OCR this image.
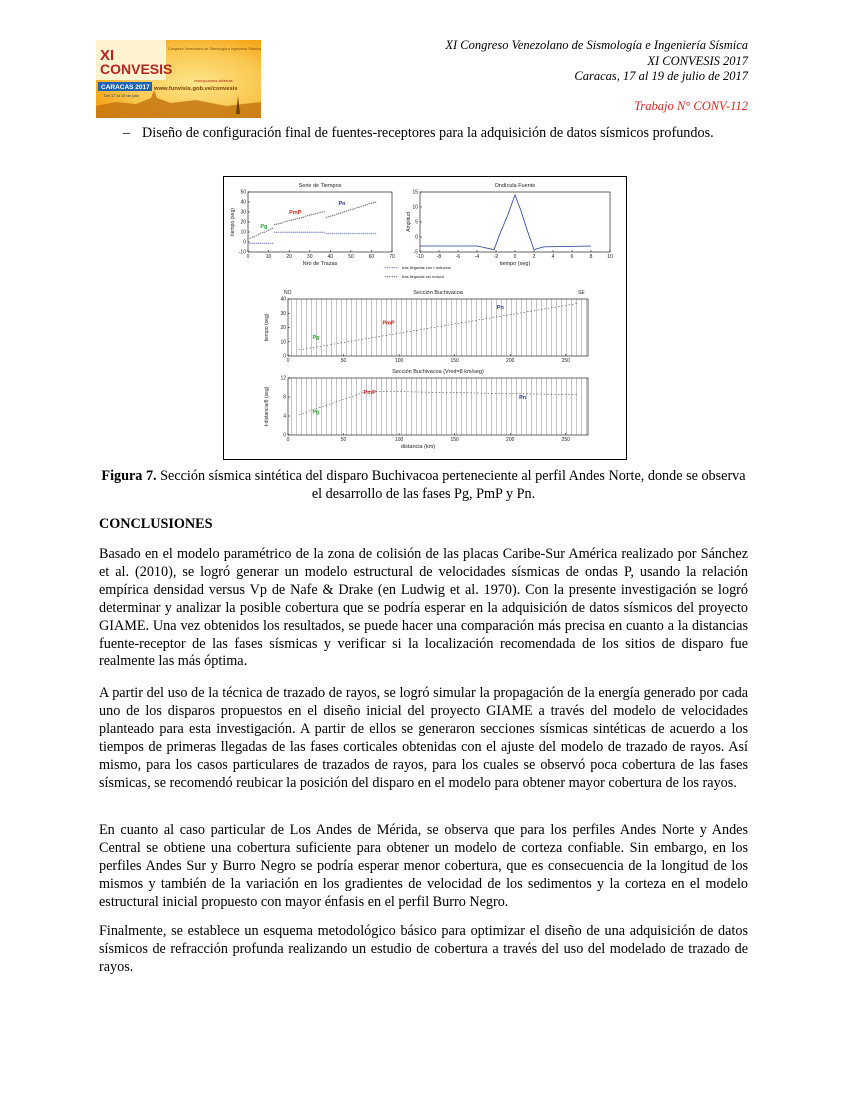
XI
CONVESIS
Congreso Venezolano de Sismología e Ingeniería Sísmica
CARACAS 2017
Del 17 al 19 de julio
Inscripciones abiertas
www.funvisis.gob.ve/convesis
XI Congreso Venezolano de Sismología e Ingeniería Sísmica
XI CONVESIS 2017
Caracas, 17 al 19 de julio de 2017
Trabajo N° CONV-112
– Diseño de configuración final de fuentes-receptores para la adquisición de datos sísmicos profundos.
Serie de Tiempos
0	10	20	30	40	50	60	70
-10
0
10
20
30
40
50
Nro de Trazas
tiempo (seg)
+
+
+
+
+
+
+
+
+
+
+
+
+
+
+
+
+
+
+
+
+
+
+
+
+
+
+
+
+
+
+
+
+
+
+
+
+
+
+
+
+
+
+
+
+
+
+
+
+
+
+
+
+
+
+
+
+
+
+
+
+
+
+
+
+
+
+
+
+
+
+
+
+
+
+
+
+
+
+
+
+
+
+
+
+
+
+
+
+
+
+
+
+
+
+
+
+
+
+
+
+
+
+
+
+
+
+
+
+
+
+
+
+
+
+
+
+
+
+
+
+
+
+
+
Pg
PmP
Pn
Ondícula Fuente
-10	-8	-6	-4	-2	0	2	4	6	8	10
-5
0
5
10
15
tiempo (seg)
Amplitud
++++++ tras llegadas con t reducido
++++++ tras llegadas sin reducir
Sección Buchivacoa
NO	SE
0	50	100	150	200	250
0
10
20
30
40
tiempo (seg)	Pg
PmP
Pn
Sección Buchivacoa (Vred=8 km/seg)
0	50	100	150	200	250
0
4
8
12
distancia (km)
t-distancia/8 (seg)	Pg
PmP
Pn
Figura 7. Sección sísmica sintética del disparo Buchivacoa perteneciente al perfil Andes Norte, donde se observa el desarrollo de las fases Pg, PmP y Pn.
CONCLUSIONES

Basado en el modelo paramétrico de la zona de colisión de las placas Caribe-Sur América realizado por Sánchez et al. (2010), se logró generar un modelo estructural de velocidades sísmicas de ondas P, usando la relación empírica densidad versus Vp de Nafe & Drake (en Ludwig et al. 1970). Con la presente investigación se logró determinar y analizar la posible cobertura que se podría esperar en la adquisición de datos sísmicos del proyecto GIAME. Una vez obtenidos los resultados, se puede hacer una comparación más precisa en cuanto a la distancias fuente-receptor de las fases sísmicas y verificar si la localización recomendada de los sitios de disparo fue realmente las más óptima.

A partir del uso de la técnica de trazado de rayos, se logró simular la propagación de la energía generado por cada uno de los disparos propuestos en el diseño inicial del proyecto GIAME a través del modelo de velocidades planteado para esta investigación. A partir de ellos se generaron secciones sísmicas sintéticas de acuerdo a los tiempos de primeras llegadas de las fases corticales obtenidas con el ajuste del modelo de trazado de rayos. Así mismo, para los casos particulares de trazados de rayos, para los cuales se observó poca cobertura de las fases sísmicas, se recomendó reubicar la posición del disparo en el modelo para obtener mayor cobertura de los rayos.

En cuanto al caso particular de Los Andes de Mérida, se observa que para los perfiles Andes Norte y Andes Central se obtiene una cobertura suficiente para obtener un modelo de corteza confiable. Sin embargo, en los perfiles Andes Sur y Burro Negro se podría esperar menor cobertura, que es consecuencia de la longitud de los mismos y también de la variación en los gradientes de velocidad de los sedimentos y la corteza en el modelo estructural inicial propuesto con mayor énfasis en el perfil Burro Negro.

Finalmente, se establece un esquema metodológico básico para optimizar el diseño de una adquisición de datos sísmicos de refracción profunda realizando un estudio de cobertura a través del uso del modelado de trazado de rayos.
